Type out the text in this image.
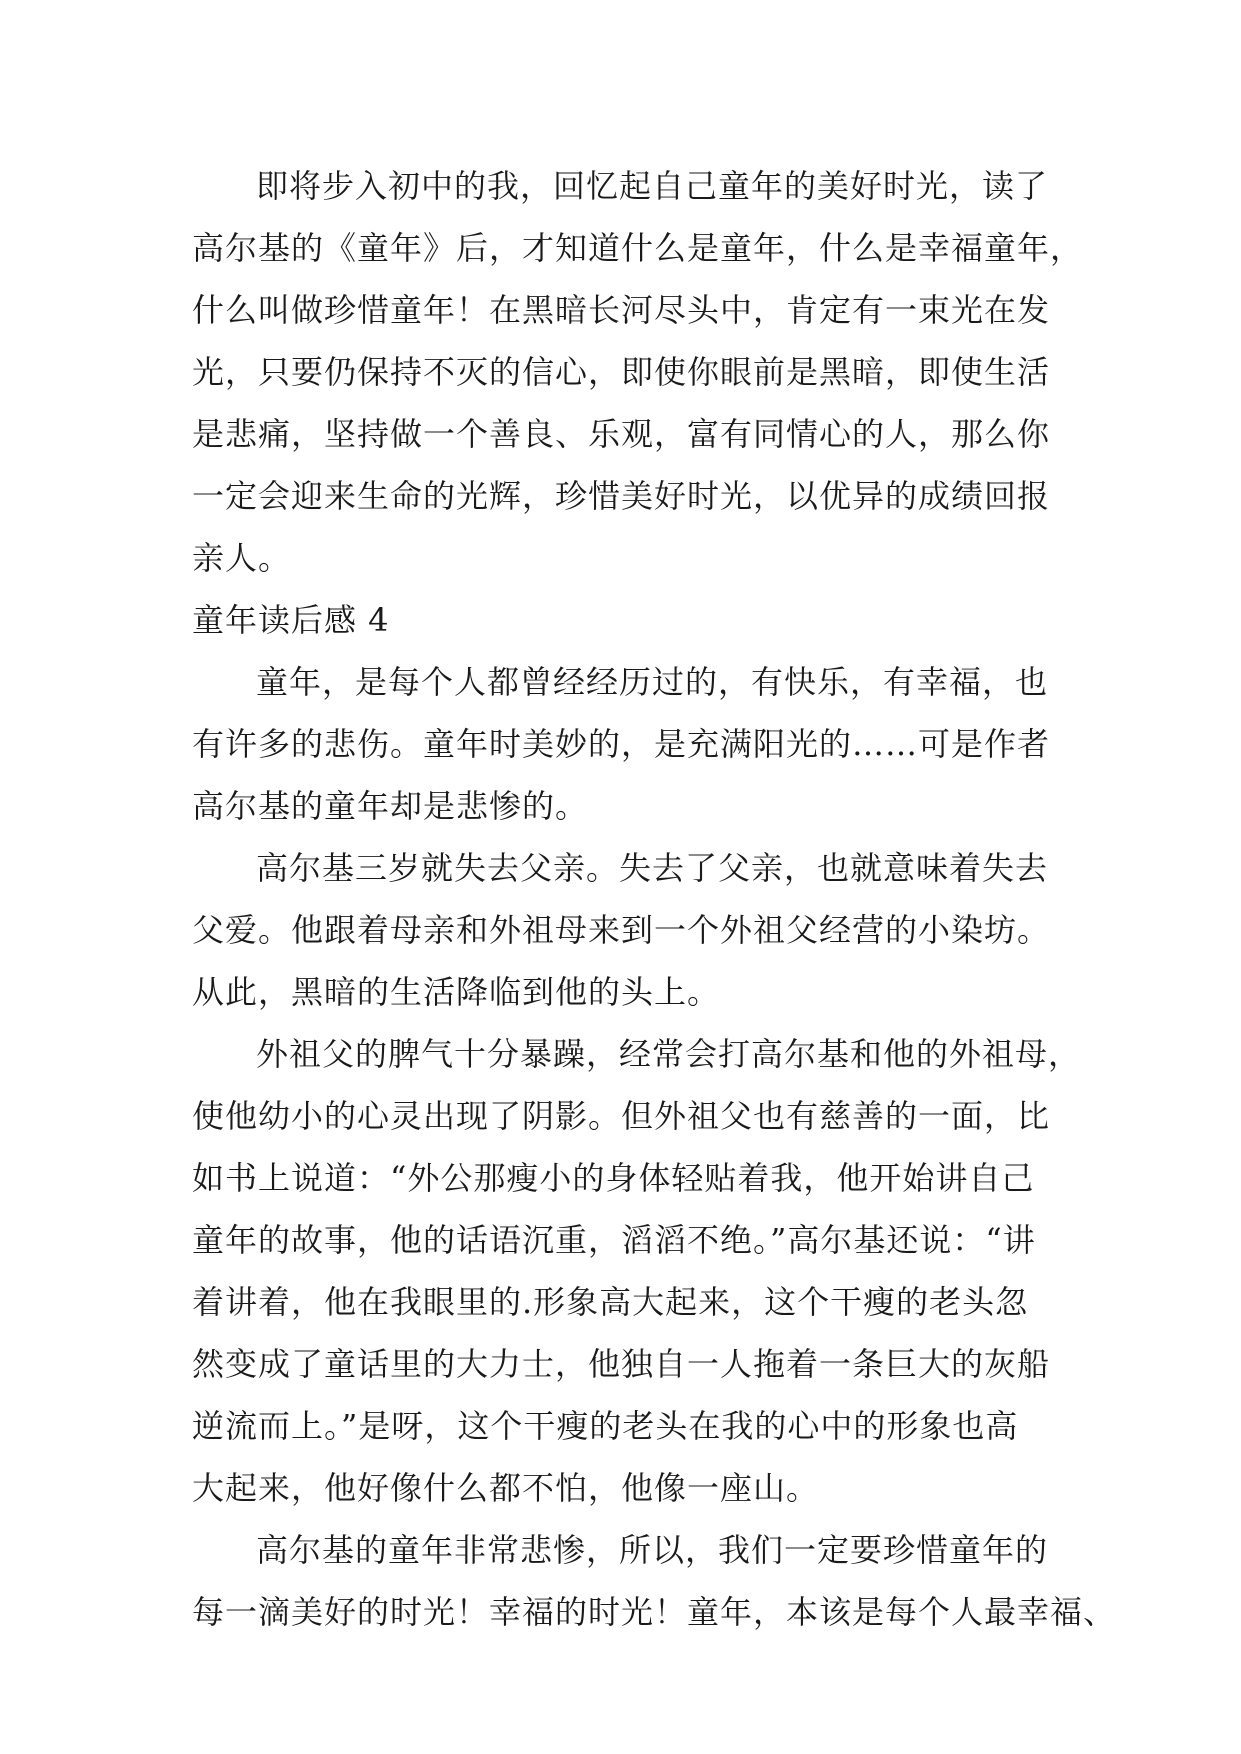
即将步入初中的我，回忆起自己童年的美好时光，读了
高尔基的《童年》后，才知道什么是童年，什么是幸福童年，
什么叫做珍惜童年！在黑暗长河尽头中，肯定有一束光在发
光，只要仍保持不灭的信心，即使你眼前是黑暗，即使生活
是悲痛，坚持做一个善良、乐观，富有同情心的人，那么你
一定会迎来生命的光辉，珍惜美好时光，以优异的成绩回报
亲人。
童年读后感 4
童年，是每个人都曾经经历过的，有快乐，有幸福，也
有许多的悲伤。童年时美妙的，是充满阳光的……可是作者
高尔基的童年却是悲惨的。
高尔基三岁就失去父亲。失去了父亲，也就意味着失去
父爱。他跟着母亲和外祖母来到一个外祖父经营的小染坊。
从此，黑暗的生活降临到他的头上。
外祖父的脾气十分暴躁，经常会打高尔基和他的外祖母，
使他幼小的心灵出现了阴影。但外祖父也有慈善的一面，比
如书上说道：“外公那瘦小的身体轻贴着我，他开始讲自己
童年的故事，他的话语沉重，滔滔不绝。”高尔基还说：“讲
着讲着，他在我眼里的.形象高大起来，这个干瘦的老头忽
然变成了童话里的大力士，他独自一人拖着一条巨大的灰船
逆流而上。”是呀，这个干瘦的老头在我的心中的形象也高
大起来，他好像什么都不怕，他像一座山。
高尔基的童年非常悲惨，所以，我们一定要珍惜童年的
每一滴美好的时光！幸福的时光！童年，本该是每个人最幸福、
